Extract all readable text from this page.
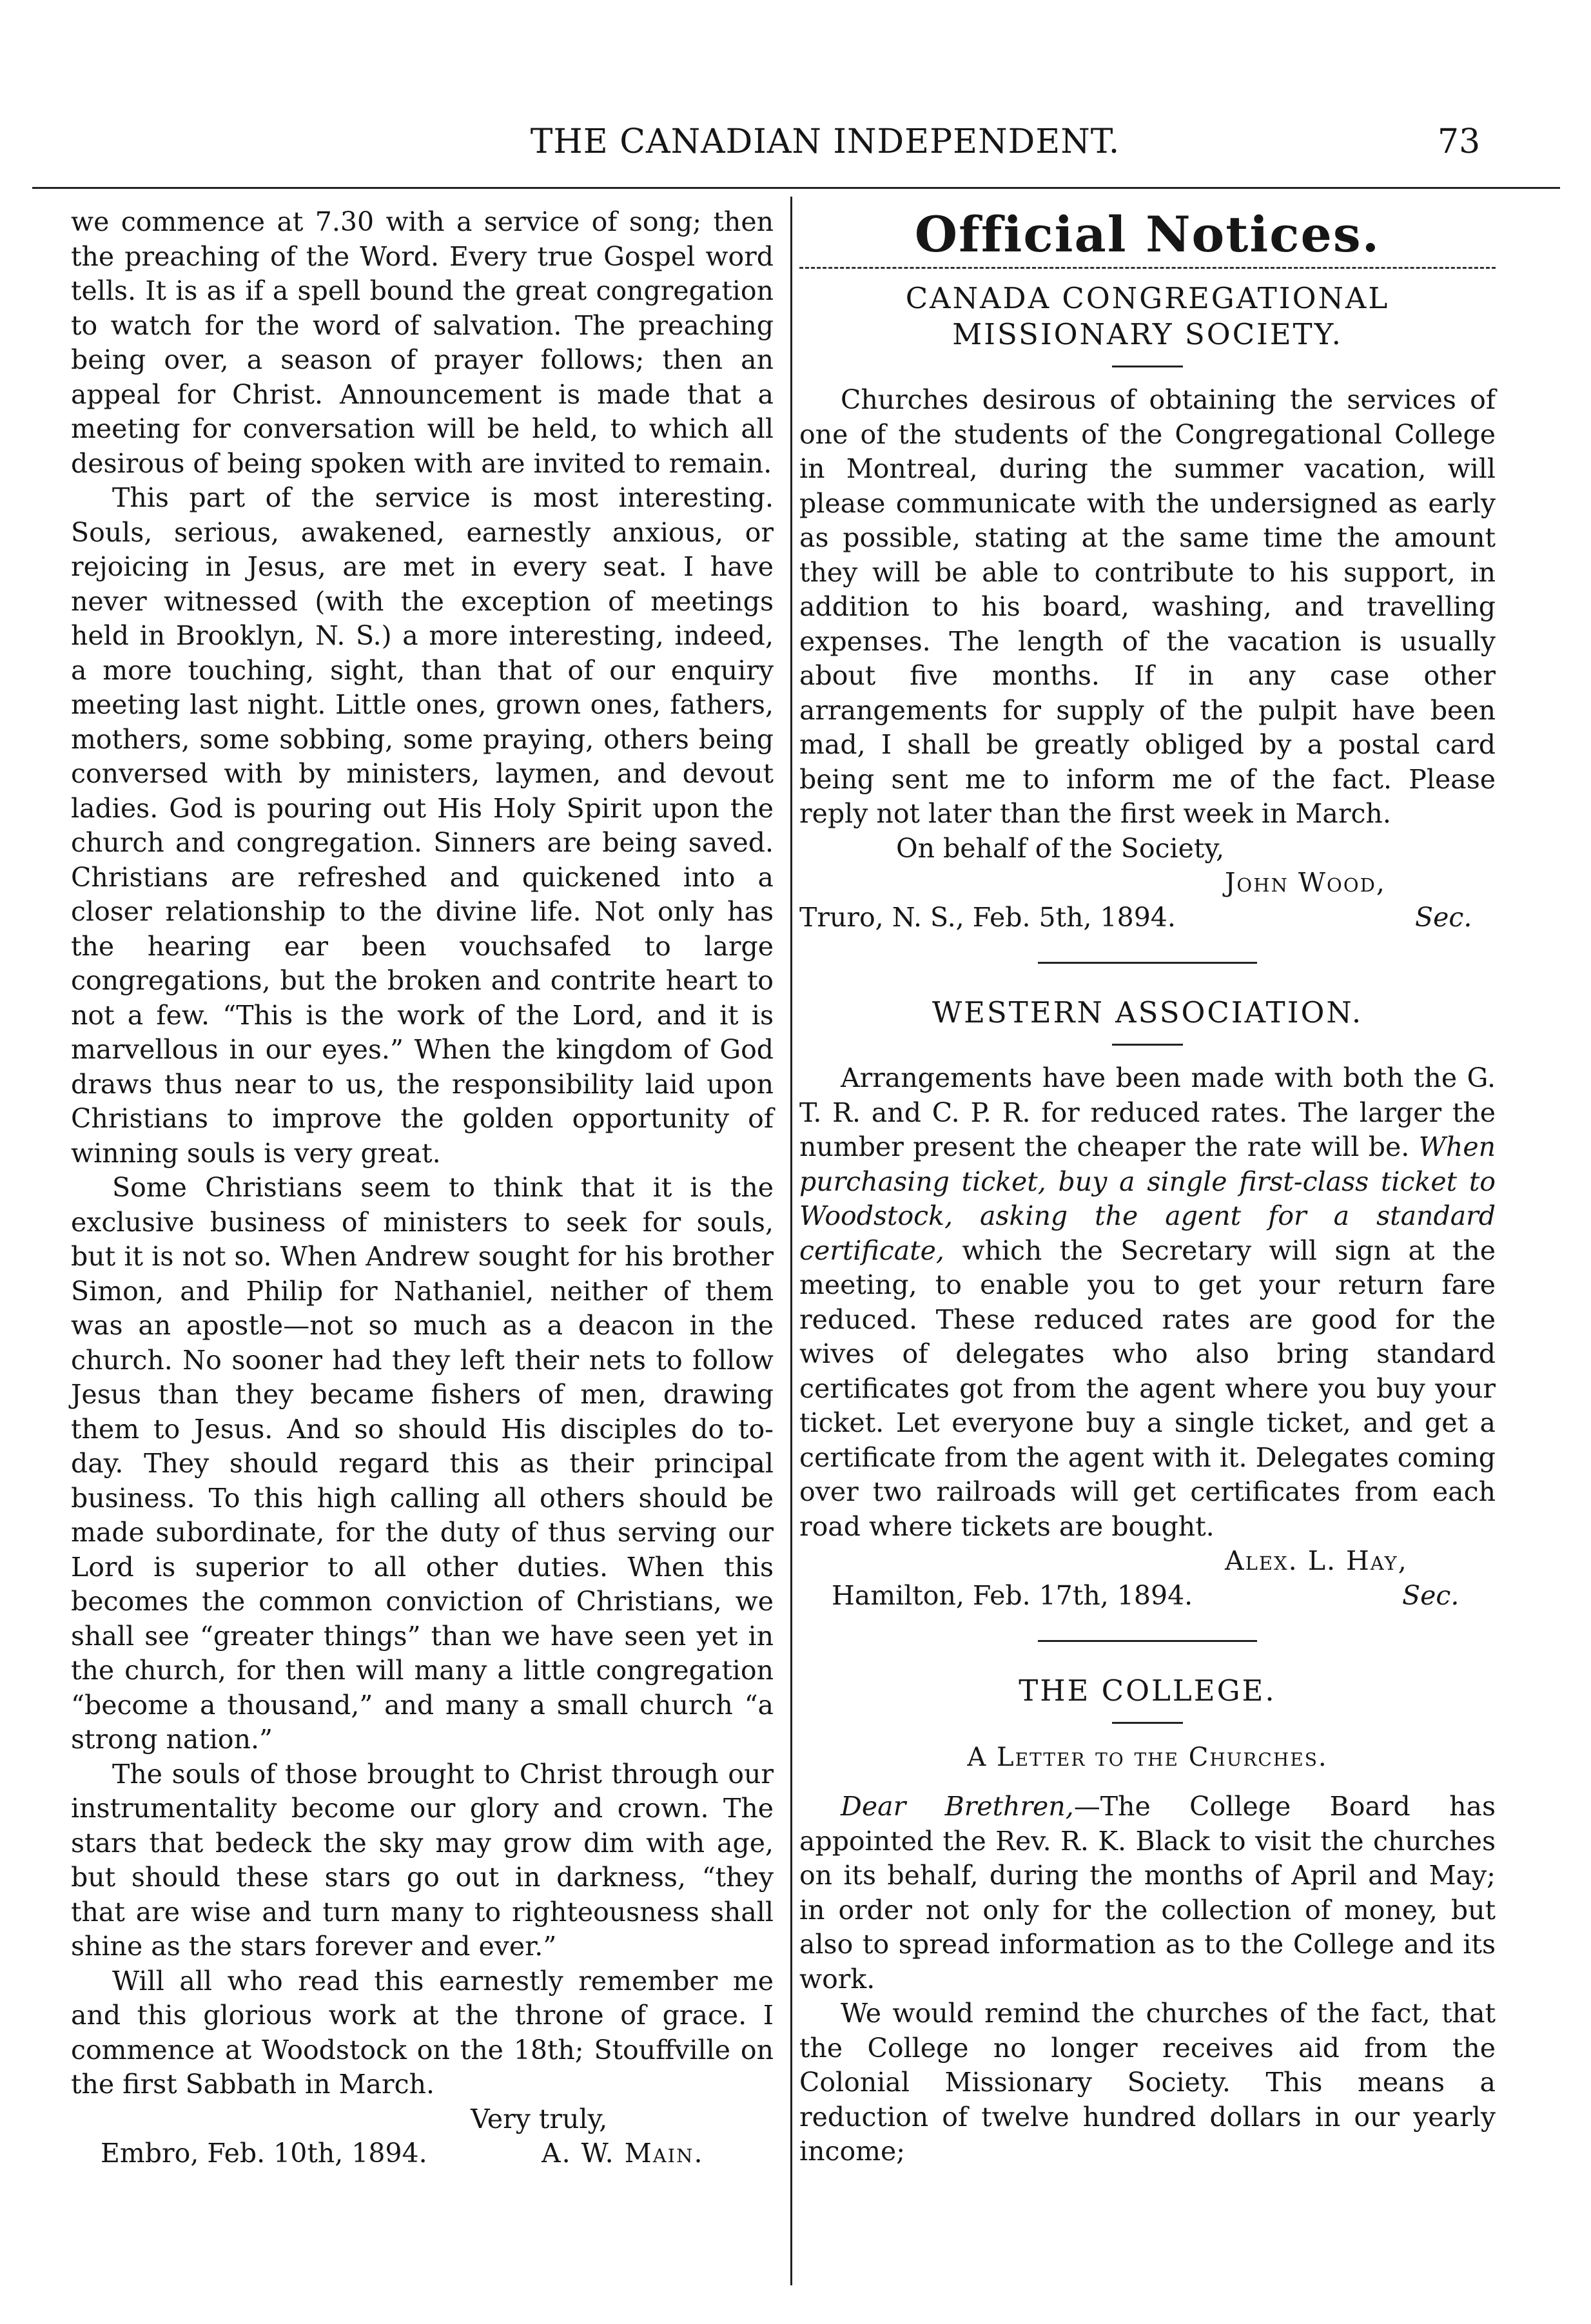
THE CANADIAN INDEPENDENT.	73

we commence at 7.30 with a service of song; then the preaching of the Word. Every true Gospel word tells. It is as if a spell bound the great congregation to watch for the word of salvation. The preaching being over, a season of prayer follows; then an appeal for Christ. Announcement is made that a meeting for conversation will be held, to which all desirous of being spoken with are invited to remain.

This part of the service is most interesting. Souls, serious, awakened, earnestly anxious, or rejoicing in Jesus, are met in every seat. I have never witnessed (with the exception of meetings held in Brooklyn, N. S.) a more interesting, indeed, a more touching, sight, than that of our enquiry meeting last night. Little ones, grown ones, fathers, mothers, some sobbing, some praying, others being conversed with by ministers, laymen, and devout ladies. God is pouring out His Holy Spirit upon the church and congregation. Sinners are being saved. Christians are refreshed and quickened into a closer relationship to the divine life. Not only has the hearing ear been vouchsafed to large congregations, but the broken and contrite heart to not a few. “This is the work of the Lord, and it is marvellous in our eyes.” When the kingdom of God draws thus near to us, the responsibility laid upon Christians to improve the golden opportunity of winning souls is very great.

Some Christians seem to think that it is the exclusive business of ministers to seek for souls, but it is not so. When Andrew sought for his brother Simon, and Philip for Nathaniel, neither of them was an apostle—not so much as a deacon in the church. No sooner had they left their nets to follow Jesus than they became fishers of men, drawing them to Jesus. And so should His disciples do to-day. They should regard this as their principal business. To this high calling all others should be made subordinate, for the duty of thus serving our Lord is superior to all other duties. When this becomes the common conviction of Christians, we shall see “greater things” than we have seen yet in the church, for then will many a little congregation “become a thousand,” and many a small church “a strong nation.”

The souls of those brought to Christ through our instrumentality become our glory and crown. The stars that bedeck the sky may grow dim with age, but should these stars go out in darkness, “they that are wise and turn many to righteousness shall shine as the stars forever and ever.”

Will all who read this earnestly remember me and this glorious work at the throne of grace. I commence at Woodstock on the 18th; Stouffville on the first Sabbath in March.

Very truly,
Embro, Feb. 10th, 1894.	A. W. Main.
Official Notices.

CANADA CONGREGATIONAL MISSIONARY SOCIETY.

Churches desirous of obtaining the services of one of the students of the Congregational College in Montreal, during the summer vacation, will please communicate with the undersigned as early as possible, stating at the same time the amount they will be able to contribute to his support, in addition to his board, washing, and travelling expenses. The length of the vacation is usually about five months. If in any case other arrangements for supply of the pulpit have been mad, I shall be greatly obliged by a postal card being sent me to inform me of the fact. Please reply not later than the first week in March.

On behalf of the Society,
John Wood,
Truro, N. S., Feb. 5th, 1894.	Sec.

WESTERN ASSOCIATION.

Arrangements have been made with both the G. T. R. and C. P. R. for reduced rates. The larger the number present the cheaper the rate will be. When purchasing ticket, buy a single first-class ticket to Woodstock, asking the agent for a standard certificate, which the Secretary will sign at the meeting, to enable you to get your return fare reduced. These reduced rates are good for the wives of delegates who also bring standard certificates got from the agent where you buy your ticket. Let everyone buy a single ticket, and get a certificate from the agent with it. Delegates coming over two railroads will get certificates from each road where tickets are bought.

Alex. L. Hay,
Hamilton, Feb. 17th, 1894.	Sec.

THE COLLEGE.

A Letter to the Churches.

Dear Brethren,—The College Board has appointed the Rev. R. K. Black to visit the churches on its behalf, during the months of April and May; in order not only for the collection of money, but also to spread information as to the College and its work.

We would remind the churches of the fact, that the College no longer receives aid from the Colonial Missionary Society. This means a reduction of twelve hundred dollars in our yearly income;
